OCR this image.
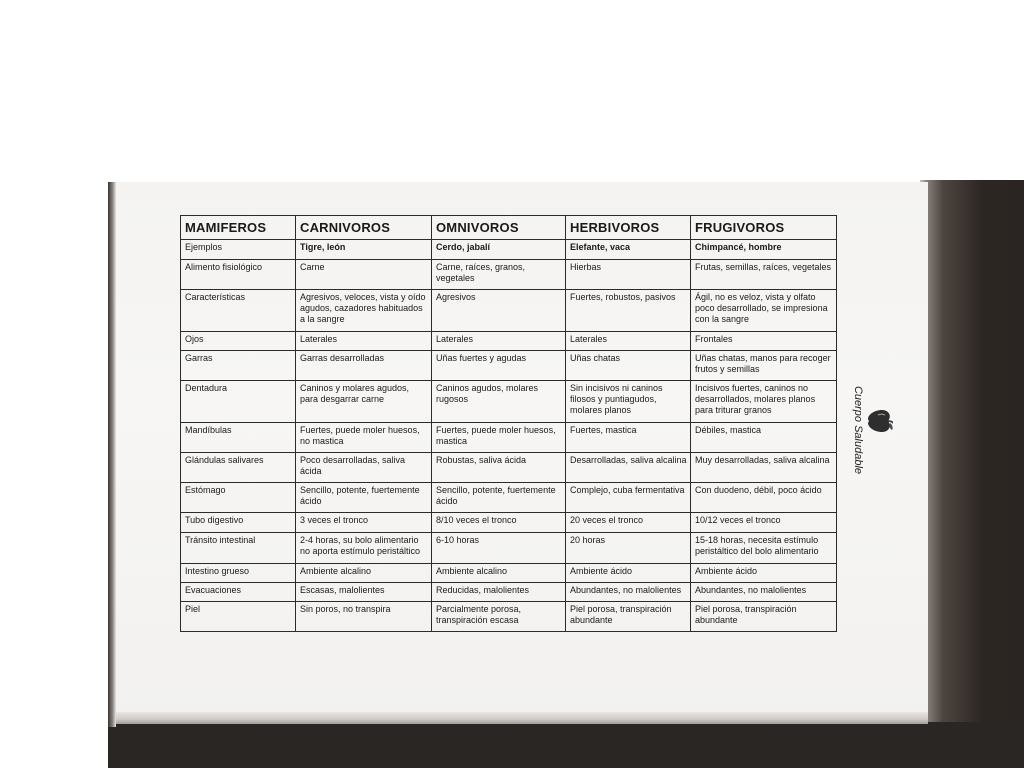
MAMIFEROS	CARNIVOROS	OMNIVOROS	HERBIVOROS	FRUGIVOROS
Ejemplos	Tigre, león	Cerdo, jabalí	Elefante, vaca	Chimpancé, hombre
Alimento fisiológico	Carne	Carne, raíces, granos, vegetales	Hierbas	Frutas, semillas, raíces, vegetales
Características	Agresivos, veloces, vista y oído agudos, cazadores habituados a la sangre	Agresivos	Fuertes, robustos, pasivos	Ágil, no es veloz, vista y olfato poco desarrollado, se impresiona con la sangre
Ojos	Laterales	Laterales	Laterales	Frontales
Garras	Garras desarrolladas	Uñas fuertes y agudas	Uñas chatas	Uñas chatas, manos para recoger frutos y semillas
Dentadura	Caninos y molares agudos, para desgarrar carne	Caninos agudos, molares rugosos	Sin incisivos ni caninos filosos y puntiagudos, molares planos	Incisivos fuertes, caninos no desarrollados, molares planos para triturar granos
Mandíbulas	Fuertes, puede moler huesos, no mastica	Fuertes, puede moler huesos, mastica	Fuertes, mastica	Débiles, mastica
Glándulas salivares	Poco desarrolladas, saliva ácida	Robustas, saliva ácida	Desarrolladas, saliva alcalina	Muy desarrolladas, saliva alcalina
Estómago	Sencillo, potente, fuertemente ácido	Sencillo, potente, fuertemente ácido	Complejo, cuba fermentativa	Con duodeno, débil, poco ácido
Tubo digestivo	3 veces el tronco	8/10 veces el tronco	20 veces el tronco	10/12 veces el tronco
Tránsito intestinal	2-4 horas, su bolo alimentario no aporta estímulo peristáltico	6-10 horas	20 horas	15-18 horas, necesita estímulo peristáltico del bolo alimentario
Intestino grueso	Ambiente alcalino	Ambiente alcalino	Ambiente ácido	Ambiente ácido
Evacuaciones	Escasas, malolientes	Reducidas, malolientes	Abundantes, no malolientes	Abundantes, no malolientes
Piel	Sin poros, no transpira	Parcialmente porosa, transpiración escasa	Piel porosa, transpiración abundante	Piel porosa, transpiración abundante
Cuerpo Saludable
